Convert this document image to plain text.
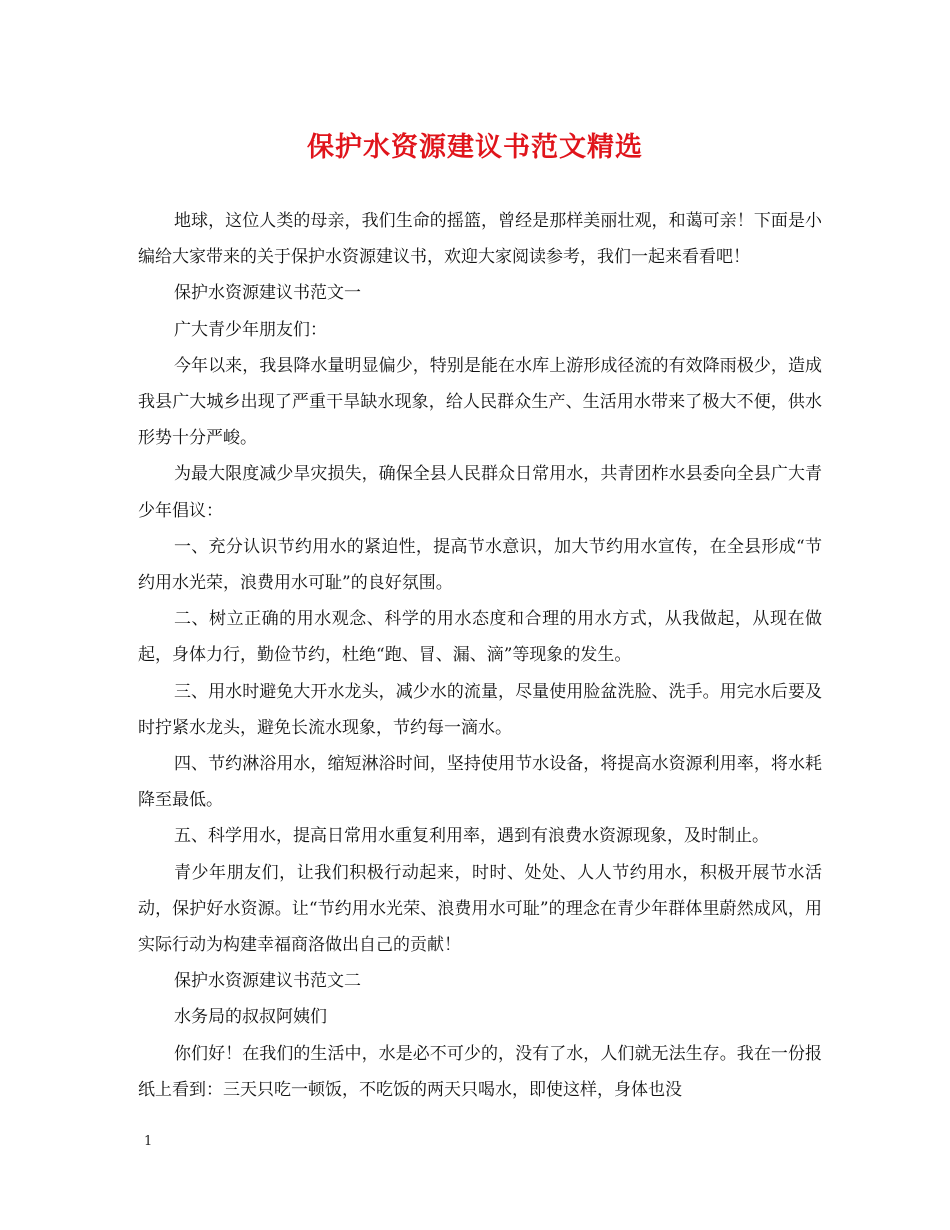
保护水资源建议书范文精选

地球，这位人类的母亲，我们生命的摇篮，曾经是那样美丽壮观，和蔼可亲！下面是小编给大家带来的关于保护水资源建议书，欢迎大家阅读参考，我们一起来看看吧！

保护水资源建议书范文一

广大青少年朋友们：

今年以来，我县降水量明显偏少，特别是能在水库上游形成径流的有效降雨极少，造成我县广大城乡出现了严重干旱缺水现象，给人民群众生产、生活用水带来了极大不便，供水形势十分严峻。

为最大限度减少旱灾损失，确保全县人民群众日常用水，共青团柞水县委向全县广大青少年倡议：

一、充分认识节约用水的紧迫性，提高节水意识，加大节约用水宣传，在全县形成“节约用水光荣，浪费用水可耻”的良好氛围。

二、树立正确的用水观念、科学的用水态度和合理的用水方式，从我做起，从现在做起，身体力行，勤俭节约，杜绝“跑、冒、漏、滴”等现象的发生。

三、用水时避免大开水龙头，减少水的流量，尽量使用脸盆洗脸、洗手。用完水后要及时拧紧水龙头，避免长流水现象，节约每一滴水。

四、节约淋浴用水，缩短淋浴时间，坚持使用节水设备，将提高水资源利用率，将水耗降至最低。

五、科学用水，提高日常用水重复利用率，遇到有浪费水资源现象，及时制止。

青少年朋友们，让我们积极行动起来，时时、处处、人人节约用水，积极开展节水活动，保护好水资源。让“节约用水光荣、浪费用水可耻”的理念在青少年群体里蔚然成风，用实际行动为构建幸福商洛做出自己的贡献！

保护水资源建议书范文二

水务局的叔叔阿姨们

你们好！在我们的生活中，水是必不可少的，没有了水，人们就无法生存。我在一份报纸上看到：三天只吃一顿饭，不吃饭的两天只喝水，即使这样，身体也没

1
